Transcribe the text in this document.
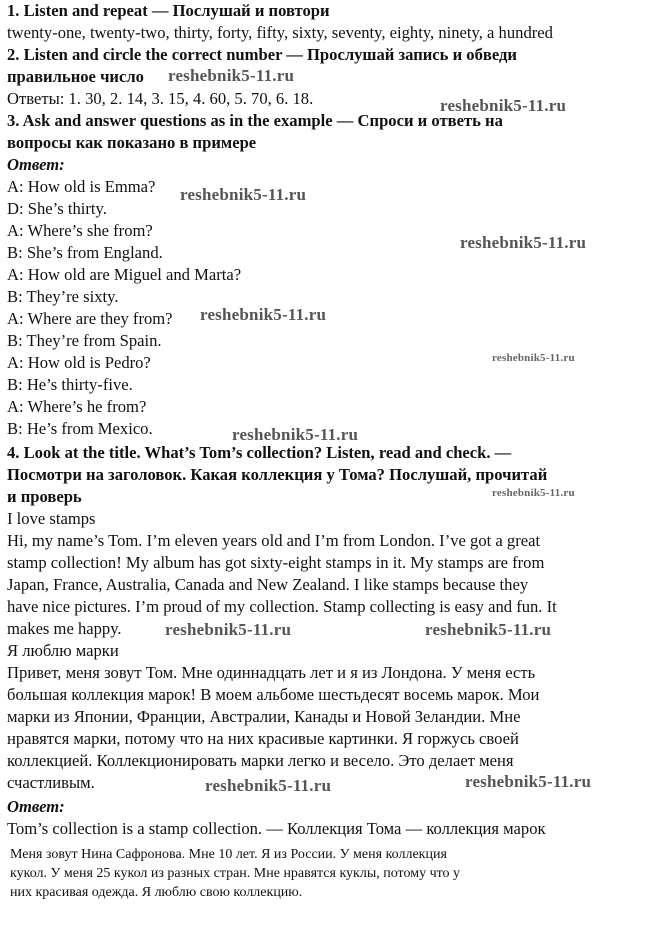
1. Listen and repeat — Послушай и повтори
twenty-one, twenty-two, thirty, forty, fifty, sixty, seventy, eighty, ninety, a hundred
2. Listen and circle the correct number — Прослушай запись и обведи
правильное число
Ответы: 1. 30, 2. 14, 3. 15, 4. 60, 5. 70, 6. 18.
3. Ask and answer questions as in the example — Спроси и ответь на
вопросы как показано в примере
Ответ:
A: How old is Emma?
D: She’s thirty.
A: Where’s she from?
B: She’s from England.
A: How old are Miguel and Marta?
B: They’re sixty.
A: Where are they from?
B: They’re from Spain.
A: How old is Pedro?
B: He’s thirty-five.
A: Where’s he from?
B: He’s from Mexico.
4. Look at the title. What’s Tom’s collection? Listen, read and check. —
Посмотри на заголовок. Какая коллекция у Тома? Послушай, прочитай
и проверь
I love stamps
Hi, my name’s Tom. I’m eleven years old and I’m from London. I’ve got a great
stamp collection! My album has got sixty-eight stamps in it. My stamps are from
Japan, France, Australia, Canada and New Zealand. I like stamps because they
have nice pictures. I’m proud of my collection. Stamp collecting is easy and fun. It
makes me happy.
Я люблю марки
Привет, меня зовут Том. Мне одиннадцать лет и я из Лондона. У меня есть
большая коллекция марок! В моем альбоме шестьдесят восемь марок. Мои
марки из Японии, Франции, Австралии, Канады и Новой Зеландии. Мне
нравятся марки, потому что на них красивые картинки. Я горжусь своей
коллекцией. Коллекционировать марки легко и весело. Это делает меня
счастливым.
Ответ:
Tom’s collection is a stamp collection. — Коллекция Тома — коллекция марок
Меня зовут Нина Сафронова. Мне 10 лет. Я из России. У меня коллекция
кукол. У меня 25 кукол из разных стран. Мне нравятся куклы, потому что у
них красивая одежда. Я люблю свою коллекцию.
reshebnik5-11.ru
reshebnik5-11.ru
reshebnik5-11.ru
reshebnik5-11.ru
reshebnik5-11.ru
reshebnik5-11.ru
reshebnik5-11.ru
reshebnik5-11.ru
reshebnik5-11.ru	reshebnik5-11.ru
reshebnik5-11.ru	reshebnik5-11.ru
